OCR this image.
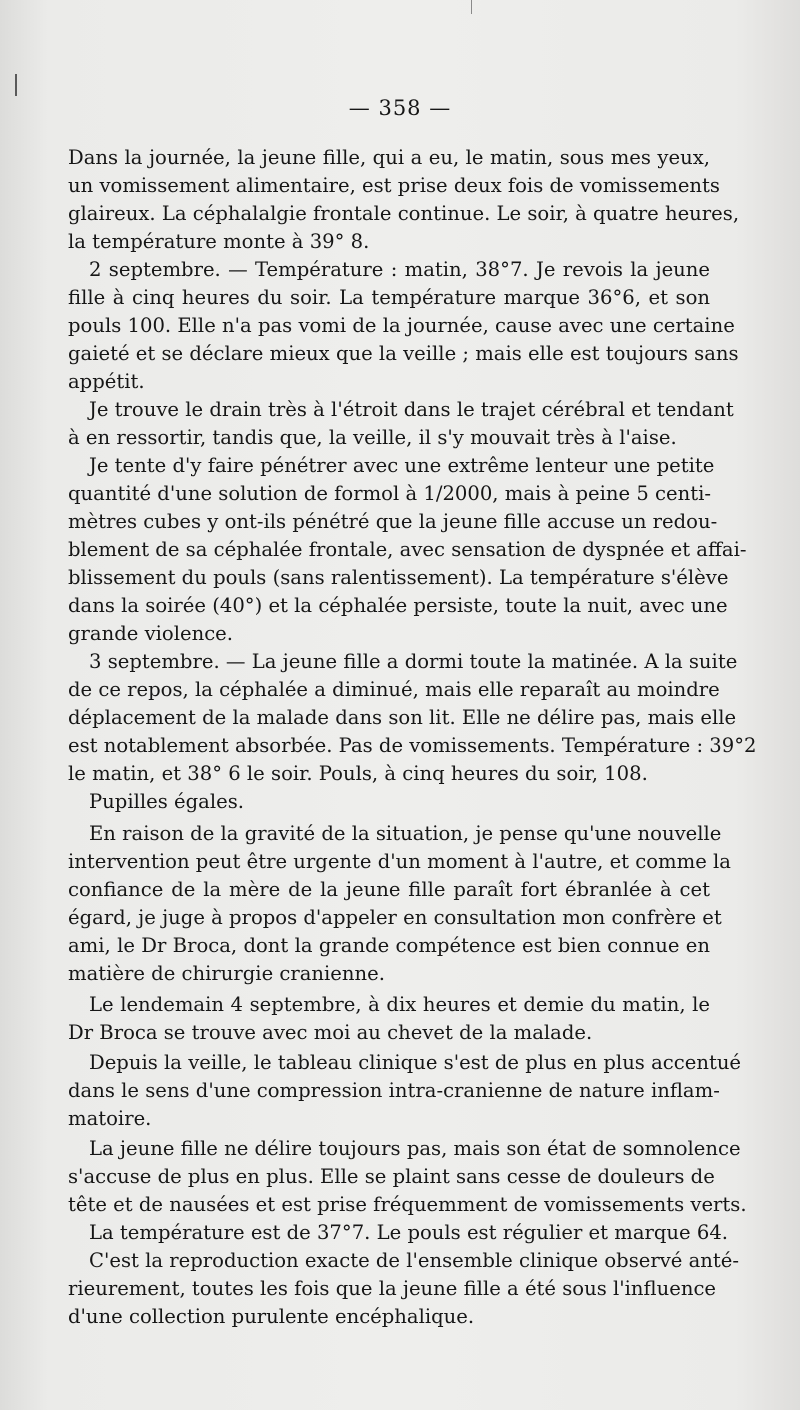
— 358 —
Dans la journée, la jeune fille, qui a eu, le matin, sous mes yeux,
un vomissement alimentaire, est prise deux fois de vomissements
glaireux. La céphalalgie frontale continue. Le soir, à quatre heures,
la température monte à 39° 8.
2 septembre. — Température : matin, 38°7. Je revois la jeune
fille à cinq heures du soir. La température marque 36°6, et son
pouls 100. Elle n'a pas vomi de la journée, cause avec une certaine
gaieté et se déclare mieux que la veille ; mais elle est toujours sans
appétit.
Je trouve le drain très à l'étroit dans le trajet cérébral et tendant
à en ressortir, tandis que, la veille, il s'y mouvait très à l'aise.
Je tente d'y faire pénétrer avec une extrême lenteur une petite
quantité d'une solution de formol à 1/2000, mais à peine 5 centi-
mètres cubes y ont-ils pénétré que la jeune fille accuse un redou-
blement de sa céphalée frontale, avec sensation de dyspnée et affai-
blissement du pouls (sans ralentissement). La température s'élève
dans la soirée (40°) et la céphalée persiste, toute la nuit, avec une
grande violence.
3 septembre. — La jeune fille a dormi toute la matinée. A la suite
de ce repos, la céphalée a diminué, mais elle reparaît au moindre
déplacement de la malade dans son lit. Elle ne délire pas, mais elle
est notablement absorbée. Pas de vomissements. Température : 39°2
le matin, et 38° 6 le soir. Pouls, à cinq heures du soir, 108.
Pupilles égales.
En raison de la gravité de la situation, je pense qu'une nouvelle
intervention peut être urgente d'un moment à l'autre, et comme la
confiance de la mère de la jeune fille paraît fort ébranlée à cet
égard, je juge à propos d'appeler en consultation mon confrère et
ami, le Dr Broca, dont la grande compétence est bien connue en
matière de chirurgie cranienne.
Le lendemain 4 septembre, à dix heures et demie du matin, le
Dr Broca se trouve avec moi au chevet de la malade.
Depuis la veille, le tableau clinique s'est de plus en plus accentué
dans le sens d'une compression intra-cranienne de nature inflam-
matoire.
La jeune fille ne délire toujours pas, mais son état de somnolence
s'accuse de plus en plus. Elle se plaint sans cesse de douleurs de
tête et de nausées et est prise fréquemment de vomissements verts.
La température est de 37°7. Le pouls est régulier et marque 64.
C'est la reproduction exacte de l'ensemble clinique observé anté-
rieurement, toutes les fois que la jeune fille a été sous l'influence
d'une collection purulente encéphalique.
